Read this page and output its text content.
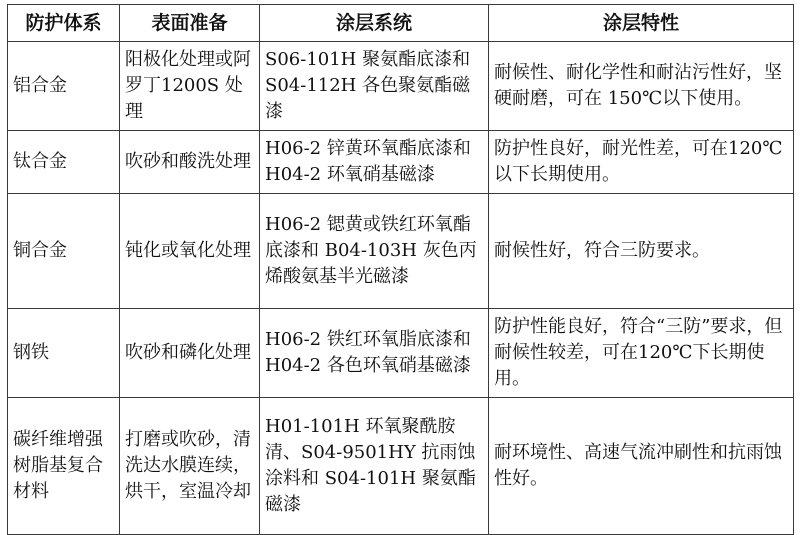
防护体系	表面准备	涂层系统	涂层特性
铝合金	阳极化处理或阿罗丁1200S 处理	S06-101H 聚氨酯底漆和 S04-112H 各色聚氨酯磁漆	耐候性、耐化学性和耐沾污性好，坚硬耐磨，可在 150℃以下使用。
钛合金	吹砂和酸洗处理	H06-2 锌黄环氧酯底漆和H04-2 环氧硝基磁漆	防护性良好，耐光性差，可在120℃以下长期使用。
铜合金	钝化或氧化处理	H06-2 锶黄或铁红环氧酯底漆和 B04-103H 灰色丙烯酸氨基半光磁漆	耐候性好，符合三防要求。
钢铁	吹砂和磷化处理	H06-2 铁红环氧脂底漆和 H04-2 各色环氧硝基磁漆	防护性能良好，符合“三防”要求，但耐候性较差，可在120℃下长期使用。
碳纤维增强树脂基复合材料	打磨或吹砂，清洗达水膜连续，烘干，室温冷却	H01-101H 环氧聚酰胺清、S04-9501HY 抗雨蚀涂料和 S04-101H 聚氨酯磁漆	耐环境性、高速气流冲刷性和抗雨蚀性好。
